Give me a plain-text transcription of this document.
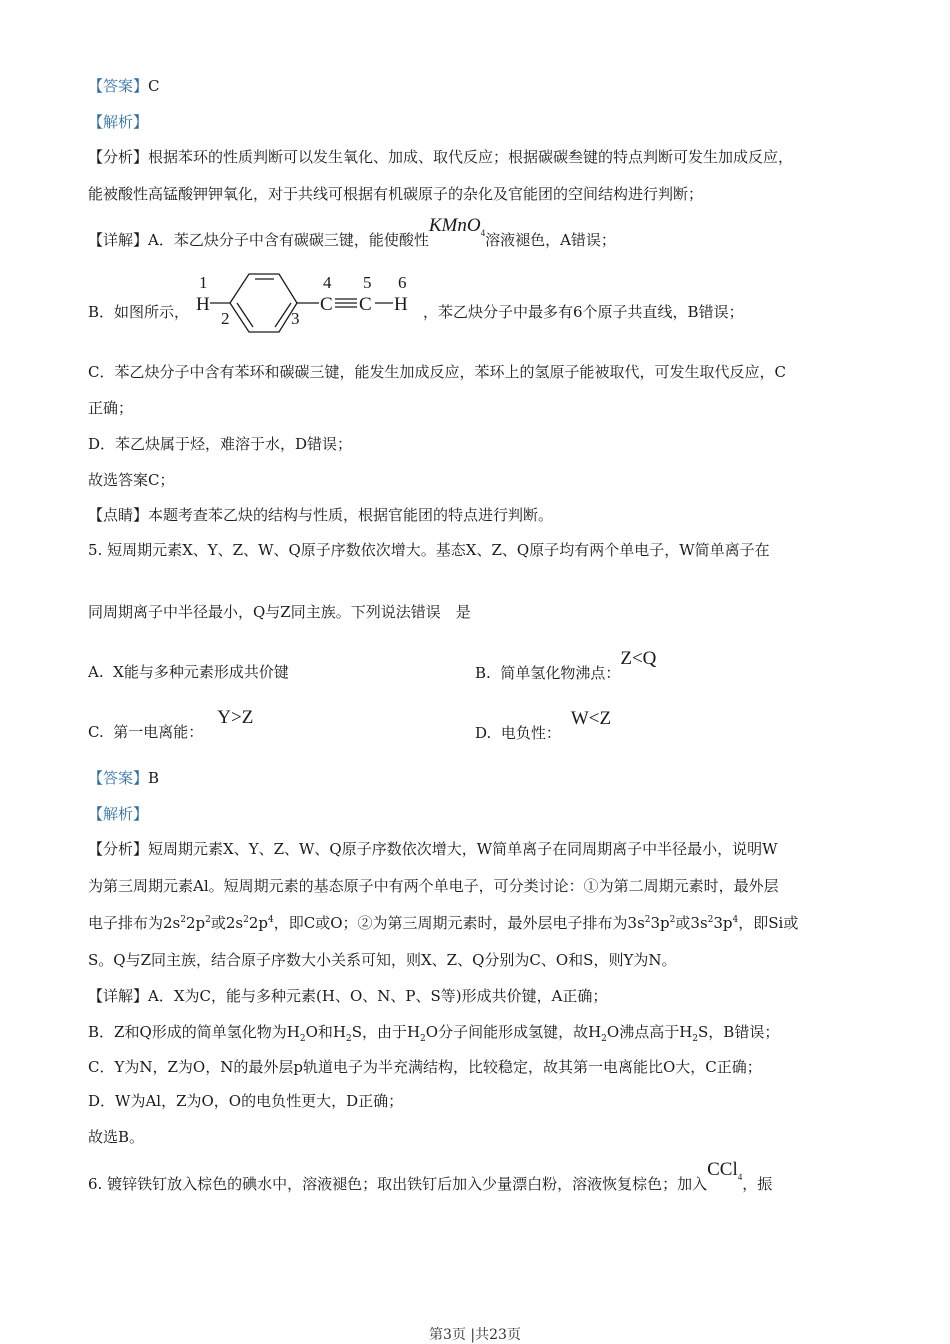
【答案】C
【解析】
【分析】根据苯环的性质判断可以发生氧化、加成、取代反应；根据碳碳叁键的特点判断可发生加成反应，
能被酸性高锰酸钾钾氧化，对于共线可根据有机碳原子的杂化及官能团的空间结构进行判断；
【详解】A．苯乙炔分子中含有碳碳三键，能使酸性KMnO$_4$溶液褪色，A错误；
B．如图所示，
1
H
2	3
4
C
5
C
6
H ，苯乙炔分子中最多有6个原子共直线，B错误；
C．苯乙炔分子中含有苯环和碳碳三键，能发生加成反应，苯环上的氢原子能被取代，可发生取代反应，C
正确；
D．苯乙炔属于烃，难溶于水，D错误；
故选答案C；
【点睛】本题考查苯乙炔的结构与性质，根据官能团的特点进行判断。
5. 短周期元素X、Y、Z、W、Q原子序数依次增大。基态X、Z、Q原子均有两个单电子，W简单离子在
同周期离子中半径最小，Q与Z同主族。下列说法错误　是
A. X能与多种元素形成共价键	B. 简单氢化物沸点：Z<Q
C. 第一电离能：Y>Z
D. 电负性：W<Z
【答案】B
【解析】
【分析】短周期元素X、Y、Z、W、Q原子序数依次增大，W简单离子在同周期离子中半径最小，说明W
为第三周期元素Al。短周期元素的基态原子中有两个单电子，可分类讨论：①为第二周期元素时，最外层
电子排布为$2s^22p^2$或$2s^22p^4$，即C或O；②为第三周期元素时，最外层电子排布为$3s^23p^2$或$3s^23p^4$，即Si或
S。Q与Z同主族，结合原子序数大小关系可知，则X、Z、Q分别为C、O和S，则Y为N。
【详解】A．X为C，能与多种元素(H、O、N、P、S等)形成共价键，A正确；
B．Z和Q形成的简单氢化物为$H_2O$和$H_2S$，由于$H_2O$分子间能形成氢键，故$H_2O$沸点高于$H_2S$，B错误；
C．Y为N，Z为O，N的最外层p轨道电子为半充满结构，比较稳定，故其第一电离能比O大，C正确；
D．W为Al，Z为O，O的电负性更大，D正确；
故选B。
6. 镀锌铁钉放入棕色的碘水中，溶液褪色；取出铁钉后加入少量漂白粉，溶液恢复棕色；加入CCl$_4$，振
第3页 |共23页
